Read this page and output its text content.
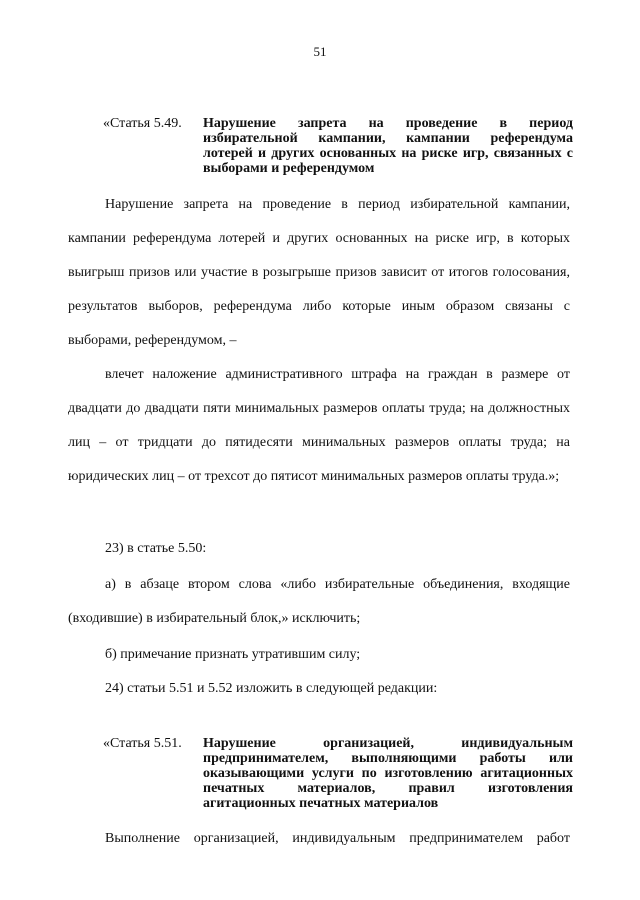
51
«Статья 5.49.	Нарушение запрета на проведение в период избирательной кампании, кампании референдума лотерей и других основанных на риске игр, связанных с выборами и референдумом
Нарушение запрета на проведение в период избирательной кампании, кампании референдума лотерей и других основанных на риске игр, в которых выигрыш призов или участие в розыгрыше призов зависит от итогов голосования, результатов выборов, референдума либо которые иным образом связаны с выборами, референдумом, –
влечет наложение административного штрафа на граждан в размере от двадцати до двадцати пяти минимальных размеров оплаты труда; на должностных лиц – от тридцати до пятидесяти минимальных размеров оплаты труда; на юридических лиц – от трехсот до пятисот минимальных размеров оплаты труда.»;
23) в статье 5.50:
а) в абзаце втором слова «либо избирательные объединения, входящие (входившие) в избирательный блок,» исключить;
б) примечание признать утратившим силу;
24) статьи 5.51 и 5.52 изложить в следующей редакции:
«Статья 5.51.	Нарушение организацией, индивидуальным предпринимателем, выполняющими работы или оказывающими услуги по изготовлению агитационных печатных материалов, правил изготовления агитационных печатных материалов
Выполнение организацией, индивидуальным предпринимателем работ
